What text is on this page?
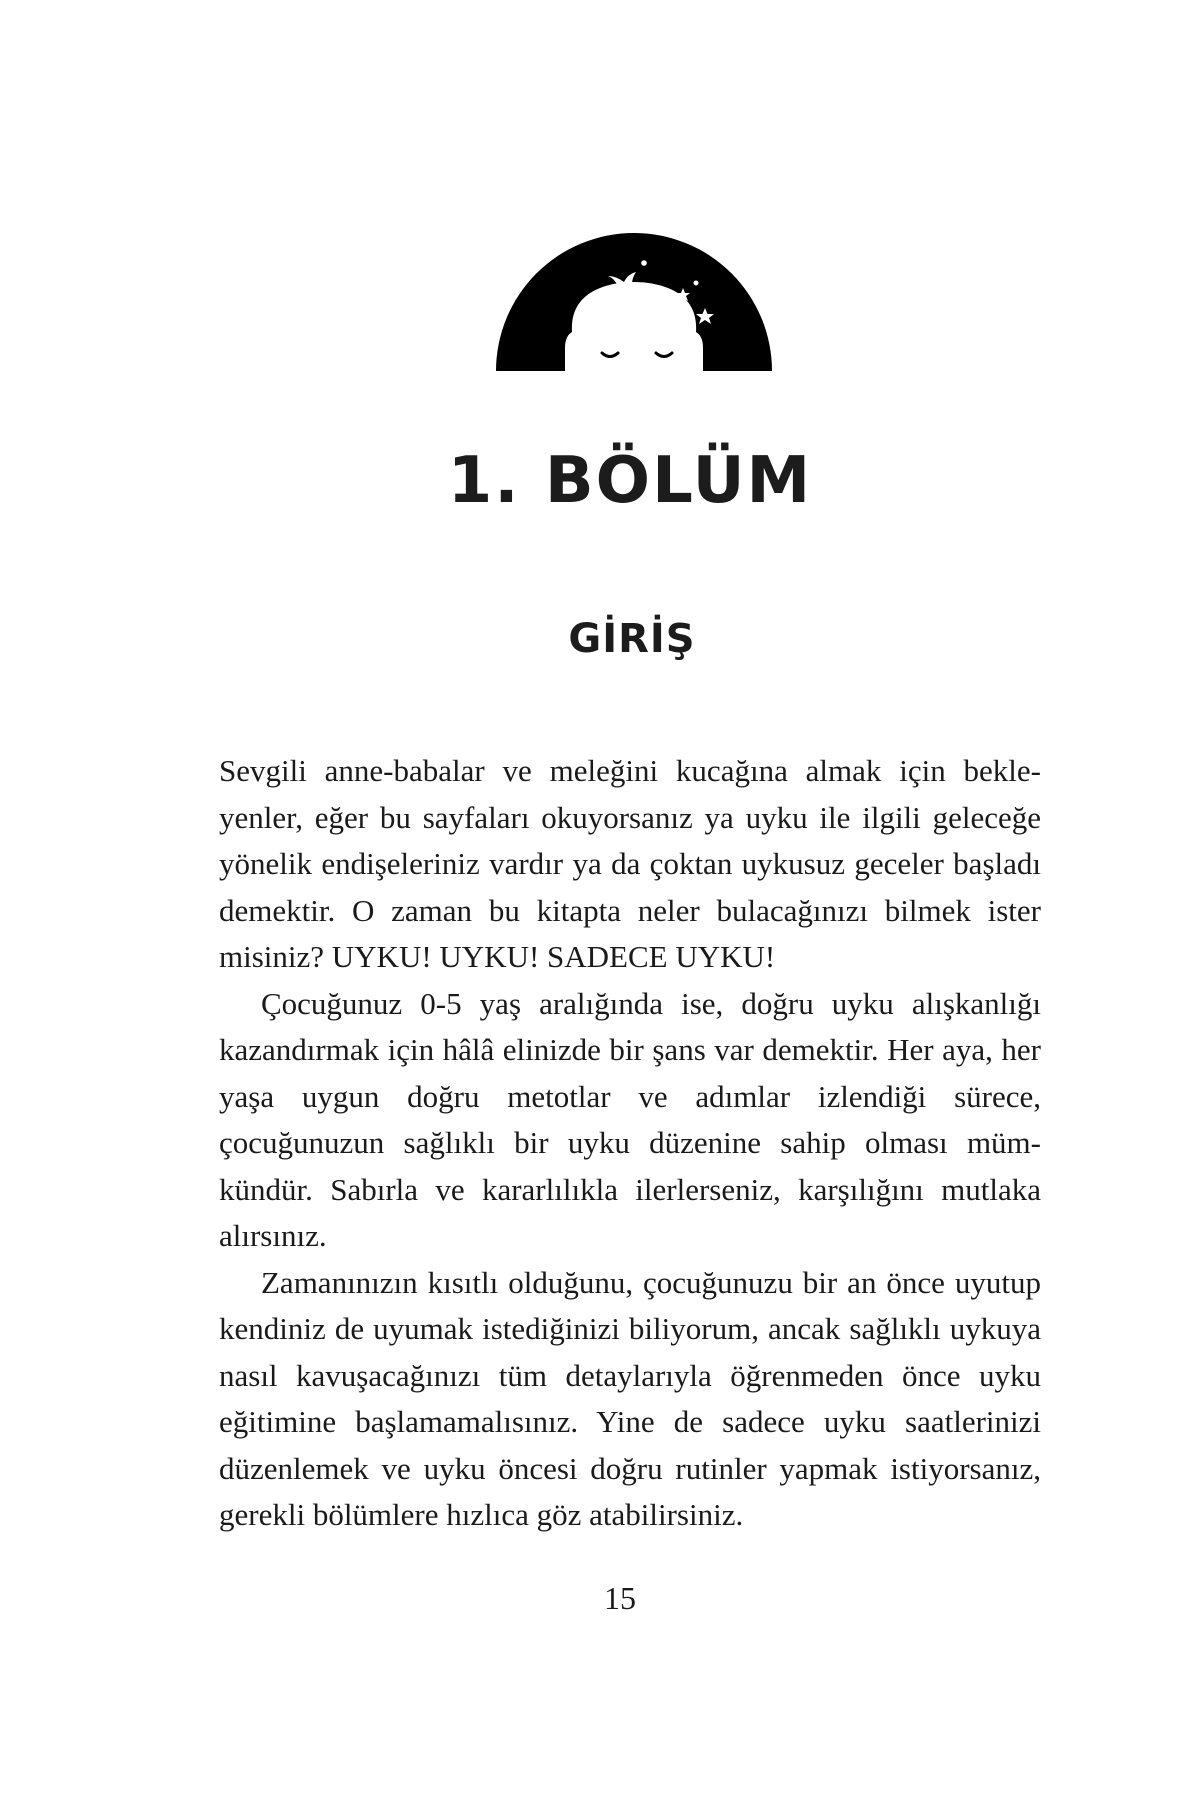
1. BÖLÜM
GİRİŞ

Sevgili anne-babalar ve meleğini kucağına almak için bekleyenler, eğer bu sayfaları okuyorsanız ya uyku ile ilgili geleceğe yönelik endişeleriniz vardır ya da çoktan uykusuz geceler başladı demektir. O zaman bu kitapta neler bulacağınızı bilmek ister misiniz? UYKU! UYKU! SADECE UYKU!

Çocuğunuz 0-5 yaş aralığında ise, doğru uyku alışkanlığı kazandırmak için hâlâ elinizde bir şans var demektir. Her aya, her yaşa uygun doğru metotlar ve adımlar izlendiği sürece, çocuğunuzun sağlıklı bir uyku düzenine sahip olması mümkündür. Sabırla ve kararlılıkla ilerlerseniz, karşılığını mutlaka alırsınız.

Zamanınızın kısıtlı olduğunu, çocuğunuzu bir an önce uyutup kendiniz de uyumak istediğinizi biliyorum, ancak sağlıklı uykuya nasıl kavuşacağınızı tüm detaylarıyla öğrenmeden önce uyku eğitimine başlamamalısınız. Yine de sadece uyku saatlerinizi düzenlemek ve uyku öncesi doğru rutinler yapmak istiyorsanız, gerekli bölümlere hızlıca göz atabilirsiniz.

15
